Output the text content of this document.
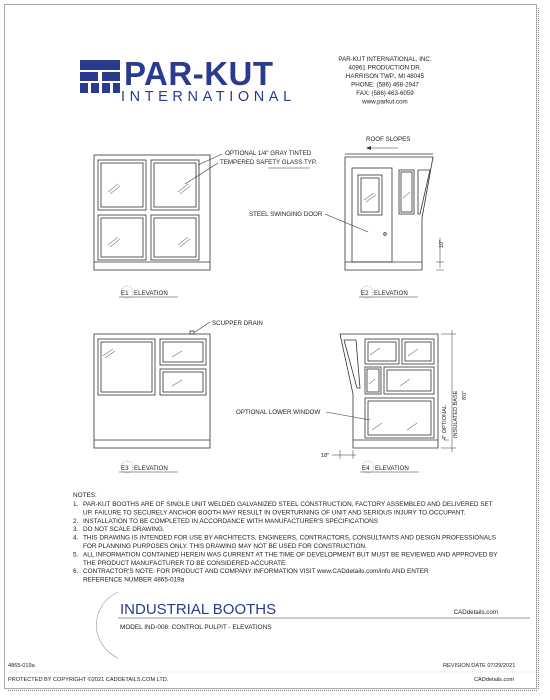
PAR-KUT
INTERNATIONAL
PAR-KUT INTERNATIONAL, INC.
40961 PRODUCTION DR.
HARRISON TWP., MI 48045
PHONE: (586) 468-2947
FAX: (586) 463-6059
www.parkut.com
OPTIONAL 1/4" GRAY TINTED
TEMPERED SAFETY GLASS TYP.
ROOF SLOPES
STEEL SWINGING DOOR
10"
E1 ELEVATION	E2 ELEVATION
SCUPPER DRAIN
OPTIONAL LOWER WINDOW
18"
4" OPTIONAL INSULATED BASE 8'0"
E3 ELEVATION	E4 ELEVATION
NOTES:
1. PAR-KUT BOOTHS ARE OF SINGLE UNIT WELDED GALVANIZED STEEL CONSTRUCTION, FACTORY ASSEMBLED AND DELIVERED SET
UP. FAILURE TO SECURELY ANCHOR BOOTH MAY RESULT IN OVERTURNING OF UNIT AND SERIOUS INJURY TO OCCUPANT.
2. INSTALLATION TO BE COMPLETED IN ACCORDANCE WITH MANUFACTURER'S SPECIFICATIONS
3. DO NOT SCALE DRAWING.
4. THIS DRAWING IS INTENDED FOR USE BY ARCHITECTS, ENGINEERS, CONTRACTORS, CONSULTANTS AND DESIGN PROFESSIONALS
FOR PLANNING PURPOSES ONLY. THIS DRAWING MAY NOT BE USED FOR CONSTRUCTION.
5. ALL INFORMATION CONTAINED HEREIN WAS CURRENT AT THE TIME OF DEVELOPMENT BUT MUST BE REVIEWED AND APPROVED BY
THE PRODUCT MANUFACTURER TO BE CONSIDERED ACCURATE.
6. CONTRACTOR'S NOTE: FOR PRODUCT AND COMPANY INFORMATION VISIT www.CADdetails.com/info AND ENTER
REFERENCE NUMBER 4865-019a
INDUSTRIAL BOOTHS	CADdetails.com
MODEL IND-008: CONTROL PULPIT - ELEVATIONS
4865-019a	REVISION DATE 07/29/2021
PROTECTED BY COPYRIGHT ©2021 CADDETAILS.COM LTD.	CADdetails.com
